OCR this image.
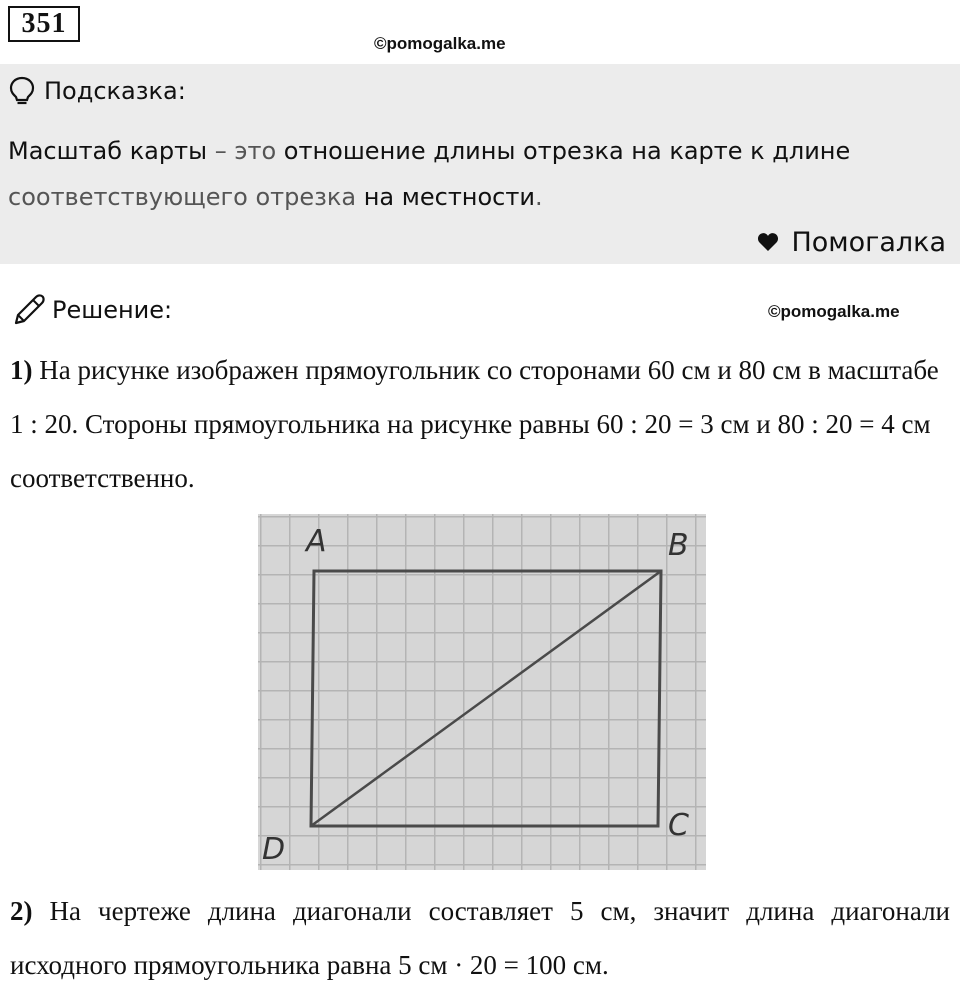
351
©pomogalka.me
Подсказка:
Масштаб карты – это отношение длины отрезка на карте к длине
соответствующего отрезка на местности.
Помогалка
Решение:	©pomogalka.me
1) На рисунке изображен прямоугольник со сторонами 60 см и 80 см в масштабе 1 : 20. Стороны прямоугольника на рисунке равны 60 : 20 = 3 см и 80 : 20 = 4 см соответственно.
A	B
C
D
2) На чертеже длина диагонали составляет 5 см, значит длина диагонали исходного прямоугольника равна 5 см · 20 = 100 см.
